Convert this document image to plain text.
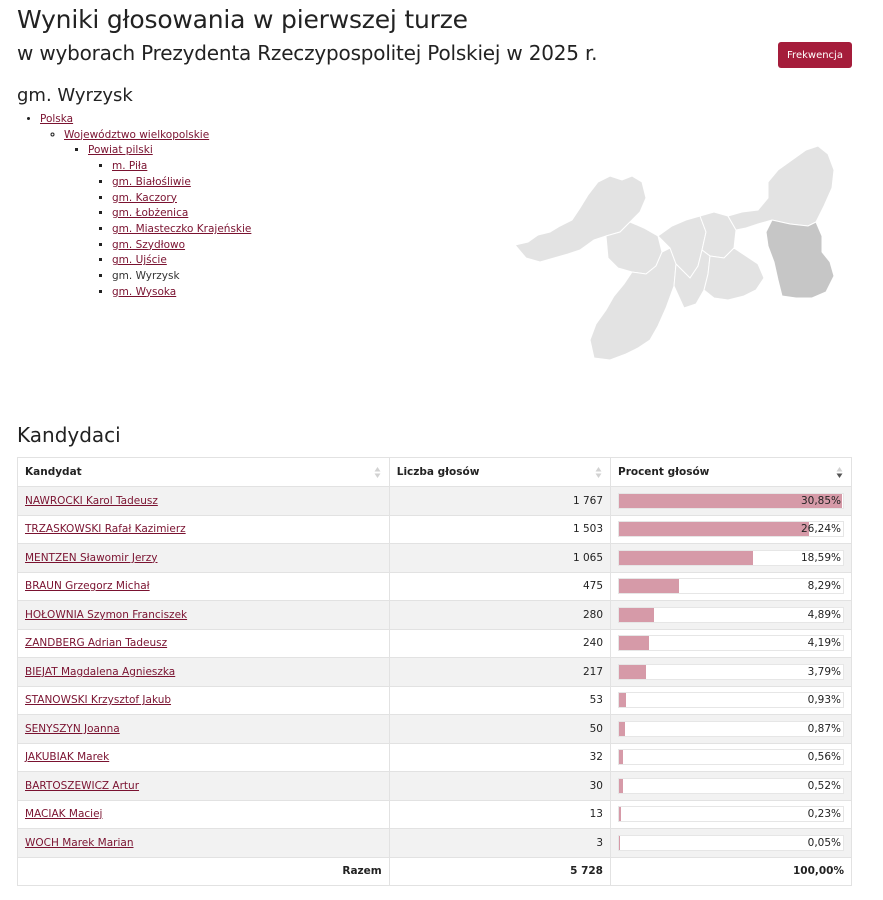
Wyniki głosowania w pierwszej turze
w wyborach Prezydenta Rzeczypospolitej Polskiej w 2025 r.	Frekwencja
gm. Wyrzysk
• Polska
◦ Województwo wielkopolskie
▪ Powiat pilski
▪ m. Piła
▪ gm. Białośliwie
▪ gm. Kaczory
▪ gm. Łobżenica
▪ gm. Miasteczko Krajeńskie
▪ gm. Szydłowo
▪ gm. Ujście
▪ gm. Wyrzysk
▪ gm. Wysoka
Kandydaci
Kandydat	Liczba głosów	Procent głosów

NAWROCKI Karol Tadeusz	1 767	30,85%

TRZASKOWSKI Rafał Kazimierz	1 503	26,24%

MENTZEN Sławomir Jerzy	1 065	18,59%

BRAUN Grzegorz Michał	475	8,29%

HOŁOWNIA Szymon Franciszek	280	4,89%

ZANDBERG Adrian Tadeusz	240	4,19%

BIEJAT Magdalena Agnieszka	217	3,79%

STANOWSKI Krzysztof Jakub	53	0,93%

SENYSZYN Joanna	50	0,87%

JAKUBIAK Marek	32	0,56%

BARTOSZEWICZ Artur	30	0,52%

MACIAK Maciej	13	0,23%

WOCH Marek Marian	3	0,05%

Razem	5 728	100,00%
